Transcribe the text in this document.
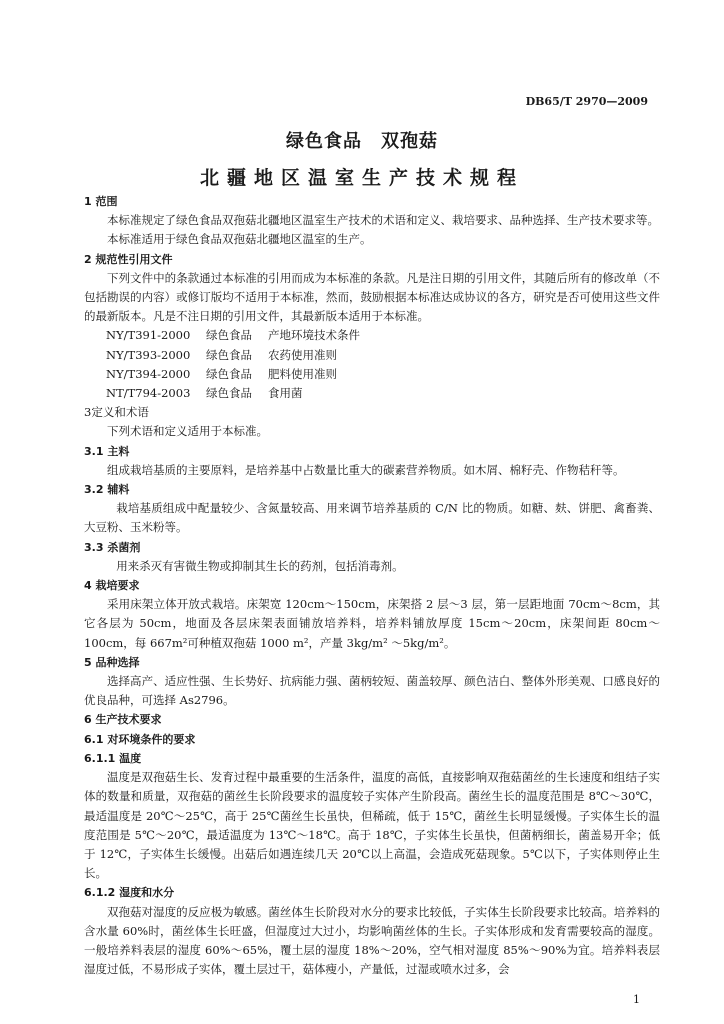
DB65/T 2970—2009
绿色食品　双孢菇
北疆地区温室生产技术规程
1 范围
本标准规定了绿色食品双孢菇北疆地区温室生产技术的术语和定义、栽培要求、品种选择、生产技术要求等。
本标准适用于绿色食品双孢菇北疆地区温室的生产。
2 规范性引用文件
下列文件中的条款通过本标准的引用而成为本标准的条款。凡是注日期的引用文件，其随后所有的修改单（不包括勘误的内容）或修订版均不适用于本标准，然而，鼓励根据本标准达成协议的各方，研究是否可使用这些文件的最新版本。凡是不注日期的引用文件，其最新版本适用于本标准。
NY/T391-2000 绿色食品 产地环境技术条件
NY/T393-2000 绿色食品 农药使用准则
NY/T394-2000 绿色食品 肥料使用准则
NT/T794-2003 绿色食品 食用菌
3定义和术语
下列术语和定义适用于本标准。
3.1 主料
组成栽培基质的主要原料，是培养基中占数量比重大的碳素营养物质。如木屑、棉籽壳、作物秸秆等。
3.2 辅料
栽培基质组成中配量较少、含氮量较高、用来调节培养基质的 C/N 比的物质。如糖、麸、饼肥、禽畜粪、大豆粉、玉米粉等。
3.3 杀菌剂
用来杀灭有害微生物或抑制其生长的药剂，包括消毒剂。
4 栽培要求
采用床架立体开放式栽培。床架宽 120cm～150cm，床架搭 2 层～3 层，第一层距地面 70cm～8cm，其它各层为 50cm，地面及各层床架表面铺放培养料，培养料铺放厚度 15cm～20cm，床架间距 80cm～100cm，每 667m²可种植双孢菇 1000 m²，产量 3kg/m² ～5kg/m²。
5 品种选择
选择高产、适应性强、生长势好、抗病能力强、菌柄较短、菌盖较厚、颜色洁白、整体外形美观、口感良好的优良品种，可选择 As2796。
6 生产技术要求
6.1 对环境条件的要求
6.1.1 温度
温度是双孢菇生长、发育过程中最重要的生活条件，温度的高低，直接影响双孢菇菌丝的生长速度和组结子实体的数量和质量，双孢菇的菌丝生长阶段要求的温度较子实体产生阶段高。菌丝生长的温度范围是 8℃～30℃，最适温度是 20℃～25℃，高于 25℃菌丝生长虽快，但稀疏，低于 15℃，菌丝生长明显缓慢。子实体生长的温度范围是 5℃～20℃，最适温度为 13℃～18℃。高于 18℃，子实体生长虽快，但菌柄细长，菌盖易开伞；低于 12℃，子实体生长缓慢。出菇后如遇连续几天 20℃以上高温，会造成死菇现象。5℃以下，子实体则停止生长。
6.1.2 湿度和水分
双孢菇对湿度的反应极为敏感。菌丝体生长阶段对水分的要求比较低，子实体生长阶段要求比较高。培养料的含水量 60%时，菌丝体生长旺盛，但湿度过大过小，均影响菌丝体的生长。子实体形成和发育需要较高的湿度。一般培养料表层的湿度 60%～65%，覆土层的湿度 18%～20%，空气相对湿度 85%～90%为宜。培养料表层湿度过低，不易形成子实体，覆土层过干，菇体瘦小，产量低，过湿或喷水过多，会
1
